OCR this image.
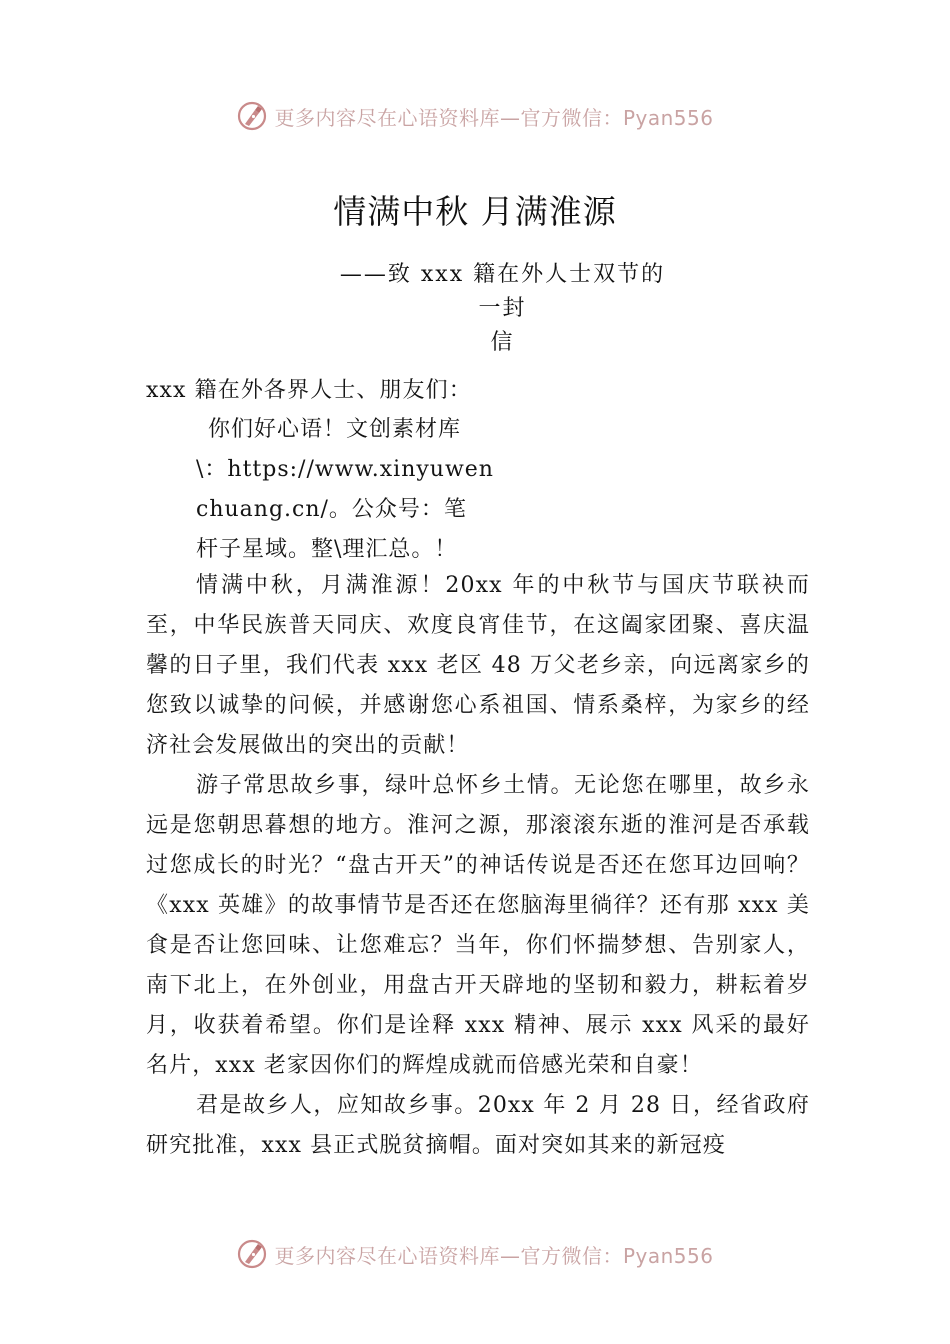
更多内容尽在心语资料库—官方微信：Pyan556
情满中秋 月满淮源
——致 xxx 籍在外人士双节的一封
信
xxx 籍在外各界人士、朋友们：
你们好心语！文创素材库
\：https://www.xinyuwen
chuang.cn/。公众号：笔
杆子星域。整\理汇总。！

情满中秋，月满淮源！20xx 年的中秋节与国庆节联袂而至，中华民族普天同庆、欢度良宵佳节，在这阖家团聚、喜庆温馨的日子里，我们代表 xxx 老区 48 万父老乡亲，向远离家乡的您致以诚挚的问候，并感谢您心系祖国、情系桑梓，为家乡的经济社会发展做出的突出的贡献！

游子常思故乡事，绿叶总怀乡土情。无论您在哪里，故乡永远是您朝思暮想的地方。淮河之源，那滚滚东逝的淮河是否承载过您成长的时光？“盘古开天”的神话传说是否还在您耳边回响？《xxx 英雄》的故事情节是否还在您脑海里徜徉？还有那 xxx 美食是否让您回味、让您难忘？当年，你们怀揣梦想、告别家人，南下北上，在外创业，用盘古开天辟地的坚韧和毅力，耕耘着岁月，收获着希望。你们是诠释 xxx 精神、展示 xxx 风采的最好名片，xxx 老家因你们的辉煌成就而倍感光荣和自豪！

君是故乡人，应知故乡事。20xx 年 2 月 28 日，经省政府研究批准，xxx 县正式脱贫摘帽。面对突如其来的新冠疫

更多内容尽在心语资料库—官方微信：Pyan556
